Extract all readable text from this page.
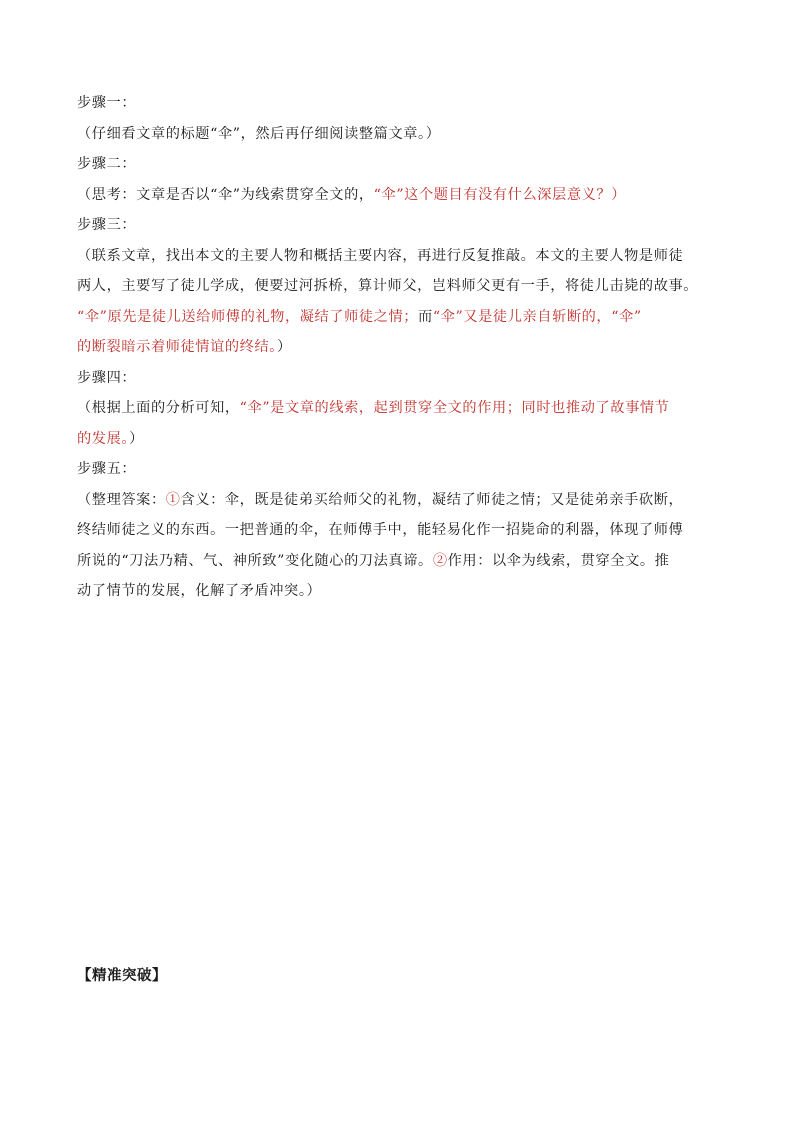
步骤一：
（仔细看文章的标题“伞”，然后再仔细阅读整篇文章。）
步骤二：
（思考：文章是否以“伞”为线索贯穿全文的，“伞”这个题目有没有什么深层意义？）
步骤三：
（联系文章，找出本文的主要人物和概括主要内容，再进行反复推敲。本文的主要人物是师徒
两人，主要写了徒儿学成，便要过河拆桥，算计师父，岂料师父更有一手，将徒儿击毙的故事。
“伞”原先是徒儿送给师傅的礼物，凝结了师徒之情；而“伞”又是徒儿亲自斩断的，“伞”
的断裂暗示着师徒情谊的终结。）
步骤四：
（根据上面的分析可知，“伞”是文章的线索，起到贯穿全文的作用；同时也推动了故事情节
的发展。）
步骤五：
（整理答案：①含义：伞，既是徒弟买给师父的礼物，凝结了师徒之情；又是徒弟亲手砍断，
终结师徒之义的东西。一把普通的伞，在师傅手中，能轻易化作一招毙命的利器，体现了师傅
所说的“刀法乃精、气、神所致”变化随心的刀法真谛。②作用：以伞为线索，贯穿全文。推
动了情节的发展，化解了矛盾冲突。）
【精准突破】
